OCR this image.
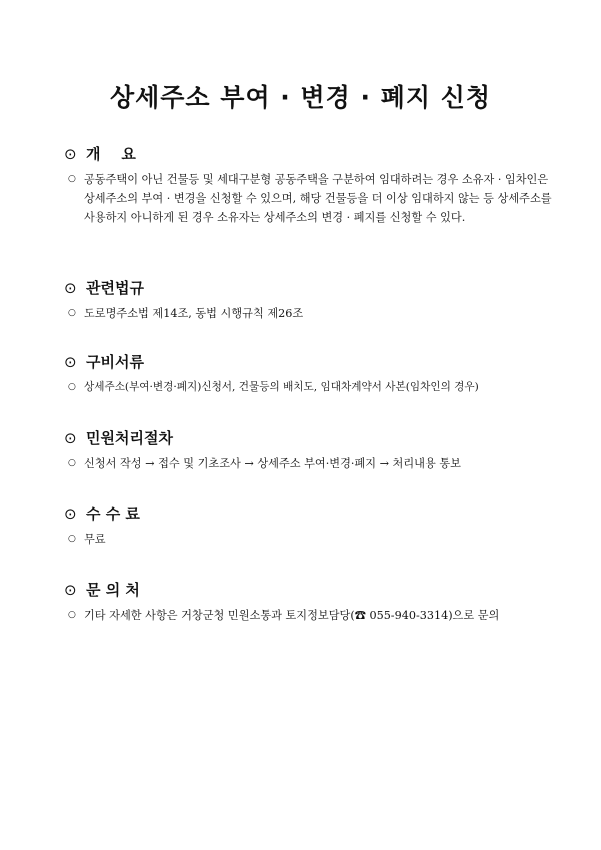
상세주소 부여 · 변경 · 폐지 신청
⊙ 개    요
○ 공동주택이 아닌 건물등 및 세대구분형 공동주택을 구분하여 임대하려는 경우 소유자 · 임차인은 상세주소의 부여 · 변경을 신청할 수 있으며, 해당 건물등을 더 이상 임대하지 않는 등 상세주소를 사용하지 아니하게 된 경우 소유자는 상세주소의 변경 · 폐지를 신청할 수 있다.
⊙ 관련법규
○ 도로명주소법 제14조, 동법 시행규칙 제26조
⊙ 구비서류
○ 상세주소(부여·변경·폐지)신청서, 건물등의 배치도, 임대차계약서 사본(임차인의 경우)
⊙ 민원처리절차
○ 신청서 작성 → 접수 및 기초조사 → 상세주소 부여·변경·폐지 → 처리내용 통보
⊙ 수 수 료
○ 무료
⊙ 문 의 처
○ 기타 자세한 사항은 거창군청 민원소통과 토지정보담당(☎ 055-940-3314)으로 문의
